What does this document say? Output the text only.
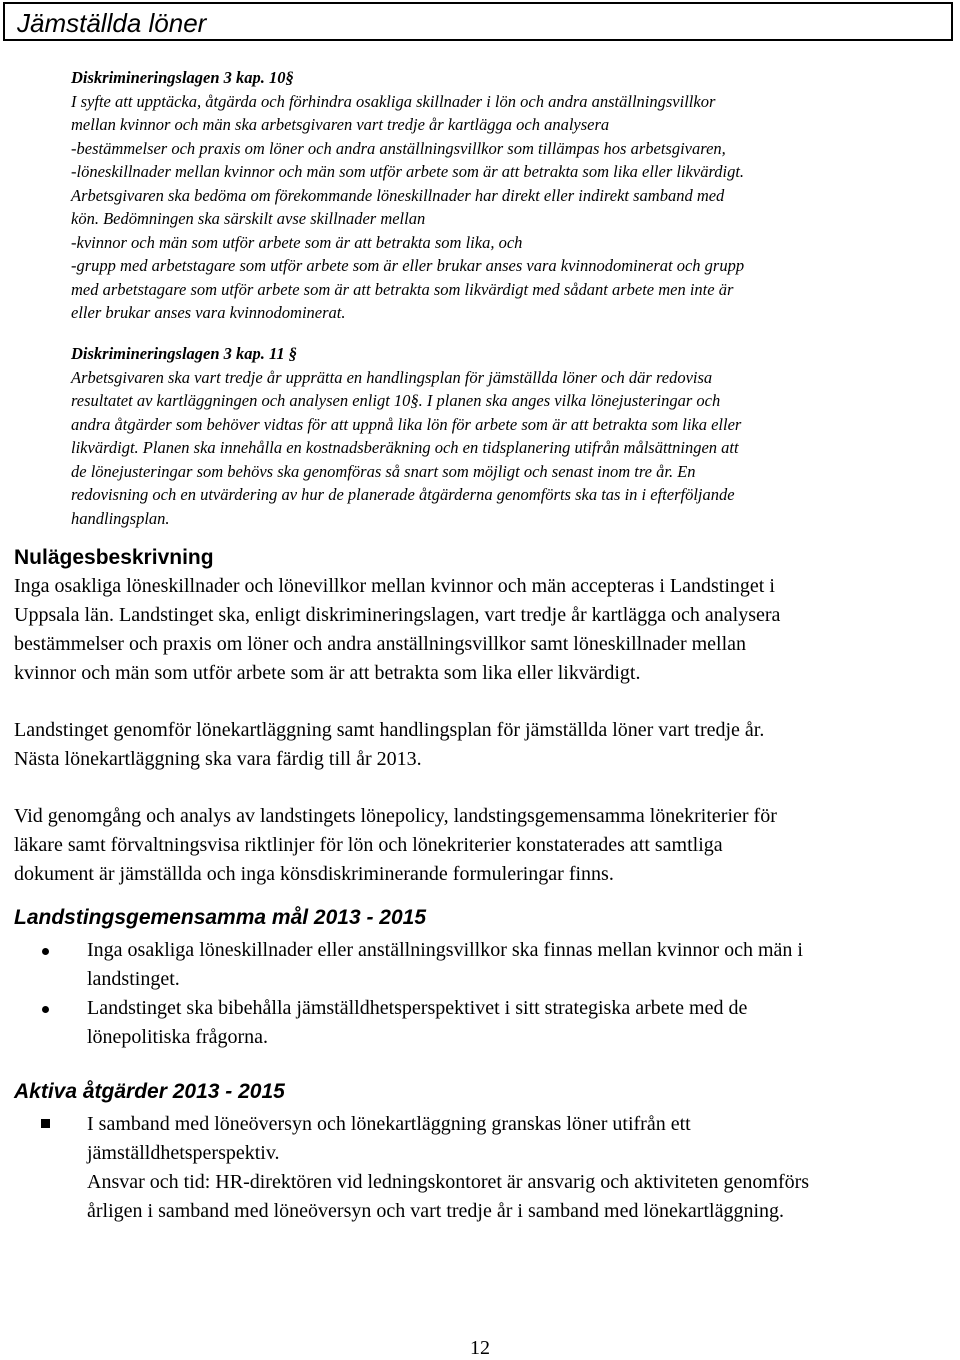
Jämställda löner

Diskrimineringslagen 3 kap. 10§

I syfte att upptäcka, åtgärda och förhindra osakliga skillnader i lön och andra anställningsvillkor

mellan kvinnor och män ska arbetsgivaren vart tredje år kartlägga och analysera

-bestämmelser och praxis om löner och andra anställningsvillkor som tillämpas hos arbetsgivaren,

-löneskillnader mellan kvinnor och män som utför arbete som är att betrakta som lika eller likvärdigt.

Arbetsgivaren ska bedöma om förekommande löneskillnader har direkt eller indirekt samband med

kön. Bedömningen ska särskilt avse skillnader mellan

-kvinnor och män som utför arbete som är att betrakta som lika, och

-grupp med arbetstagare som utför arbete som är eller brukar anses vara kvinnodominerat och grupp

med arbetstagare som utför arbete som är att betrakta som likvärdigt med sådant arbete men inte är

eller brukar anses vara kvinnodominerat.

Diskrimineringslagen 3 kap. 11 §

Arbetsgivaren ska vart tredje år upprätta en handlingsplan för jämställda löner och där redovisa

resultatet av kartläggningen och analysen enligt 10§. I planen ska anges vilka lönejusteringar och

andra åtgärder som behöver vidtas för att uppnå lika lön för arbete som är att betrakta som lika eller

likvärdigt. Planen ska innehålla en kostnadsberäkning och en tidsplanering utifrån målsättningen att

de lönejusteringar som behövs ska genomföras så snart som möjligt och senast inom tre år. En

redovisning och en utvärdering av hur de planerade åtgärderna genomförts ska tas in i efterföljande

handlingsplan.

Nulägesbeskrivning

Inga osakliga löneskillnader och lönevillkor mellan kvinnor och män accepteras i Landstinget i

Uppsala län. Landstinget ska, enligt diskrimineringslagen, vart tredje år kartlägga och analysera

bestämmelser och praxis om löner och andra anställningsvillkor samt löneskillnader mellan

kvinnor och män som utför arbete som är att betrakta som lika eller likvärdigt.

Landstinget genomför lönekartläggning samt handlingsplan för jämställda löner vart tredje år.

Nästa lönekartläggning ska vara färdig till år 2013.

Vid genomgång och analys av landstingets lönepolicy, landstingsgemensamma lönekriterier för

läkare samt förvaltningsvisa riktlinjer för lön och lönekriterier konstaterades att samtliga

dokument är jämställda och inga könsdiskriminerande formuleringar finns.

Landstingsgemensamma mål 2013 - 2015
Inga osakliga löneskillnader eller anställningsvillkor ska finnas mellan kvinnor och män i
landstinget.
Landstinget ska bibehålla jämställdhetsperspektivet i sitt strategiska arbete med de
lönepolitiska frågorna.
Aktiva åtgärder 2013 - 2015
I samband med löneöversyn och lönekartläggning granskas löner utifrån ett
jämställdhetsperspektiv.
Ansvar och tid: HR-direktören vid ledningskontoret är ansvarig och aktiviteten genomförs
årligen i samband med löneöversyn och vart tredje år i samband med lönekartläggning.
12
